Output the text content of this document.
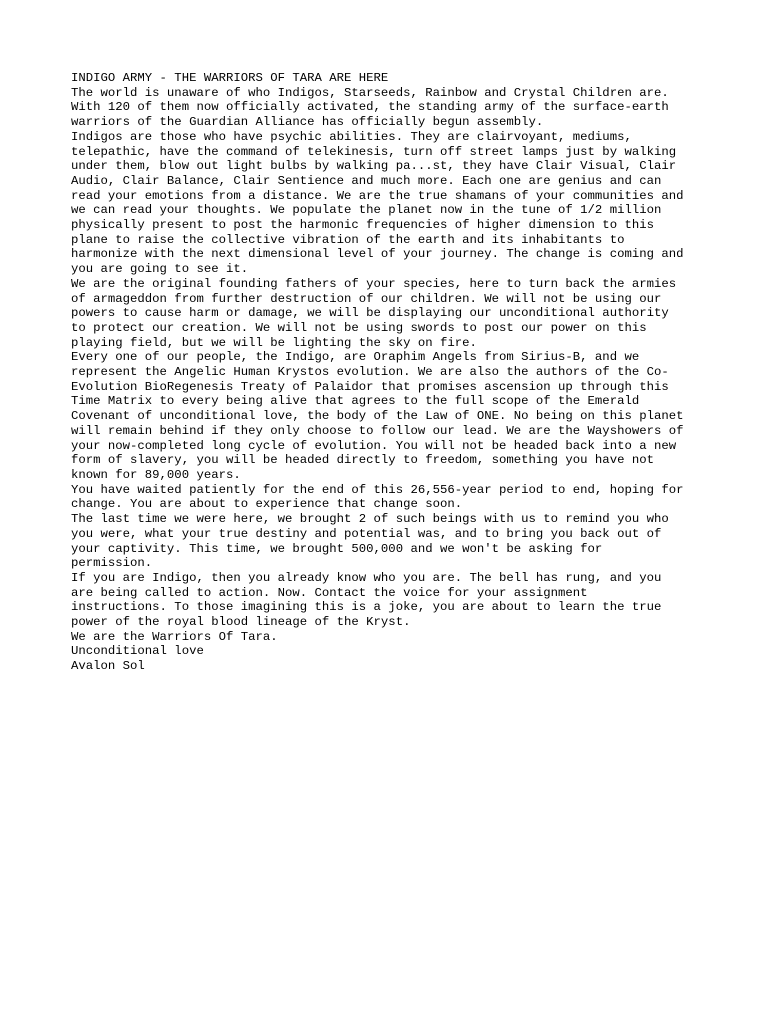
INDIGO ARMY - THE WARRIORS OF TARA ARE HERE
The world is unaware of who Indigos, Starseeds, Rainbow and Crystal Children are.
With 120 of them now officially activated, the standing army of the surface-earth
warriors of the Guardian Alliance has officially begun assembly.
Indigos are those who have psychic abilities. They are clairvoyant, mediums,
telepathic, have the command of telekinesis, turn off street lamps just by walking
under them, blow out light bulbs by walking pa...st, they have Clair Visual, Clair
Audio, Clair Balance, Clair Sentience and much more. Each one are genius and can
read your emotions from a distance. We are the true shamans of your communities and
we can read your thoughts. We populate the planet now in the tune of 1/2 million
physically present to post the harmonic frequencies of higher dimension to this
plane to raise the collective vibration of the earth and its inhabitants to
harmonize with the next dimensional level of your journey. The change is coming and
you are going to see it.
We are the original founding fathers of your species, here to turn back the armies
of armageddon from further destruction of our children. We will not be using our
powers to cause harm or damage, we will be displaying our unconditional authority
to protect our creation. We will not be using swords to post our power on this
playing field, but we will be lighting the sky on fire.
Every one of our people, the Indigo, are Oraphim Angels from Sirius-B, and we
represent the Angelic Human Krystos evolution. We are also the authors of the Co-
Evolution BioRegenesis Treaty of Palaidor that promises ascension up through this
Time Matrix to every being alive that agrees to the full scope of the Emerald
Covenant of unconditional love, the body of the Law of ONE. No being on this planet
will remain behind if they only choose to follow our lead. We are the Wayshowers of
your now-completed long cycle of evolution. You will not be headed back into a new
form of slavery, you will be headed directly to freedom, something you have not
known for 89,000 years.
You have waited patiently for the end of this 26,556-year period to end, hoping for
change. You are about to experience that change soon.
The last time we were here, we brought 2 of such beings with us to remind you who
you were, what your true destiny and potential was, and to bring you back out of
your captivity. This time, we brought 500,000 and we won't be asking for
permission.
If you are Indigo, then you already know who you are. The bell has rung, and you
are being called to action. Now. Contact the voice for your assignment
instructions. To those imagining this is a joke, you are about to learn the true
power of the royal blood lineage of the Kryst.
We are the Warriors Of Tara.
Unconditional love
Avalon Sol
